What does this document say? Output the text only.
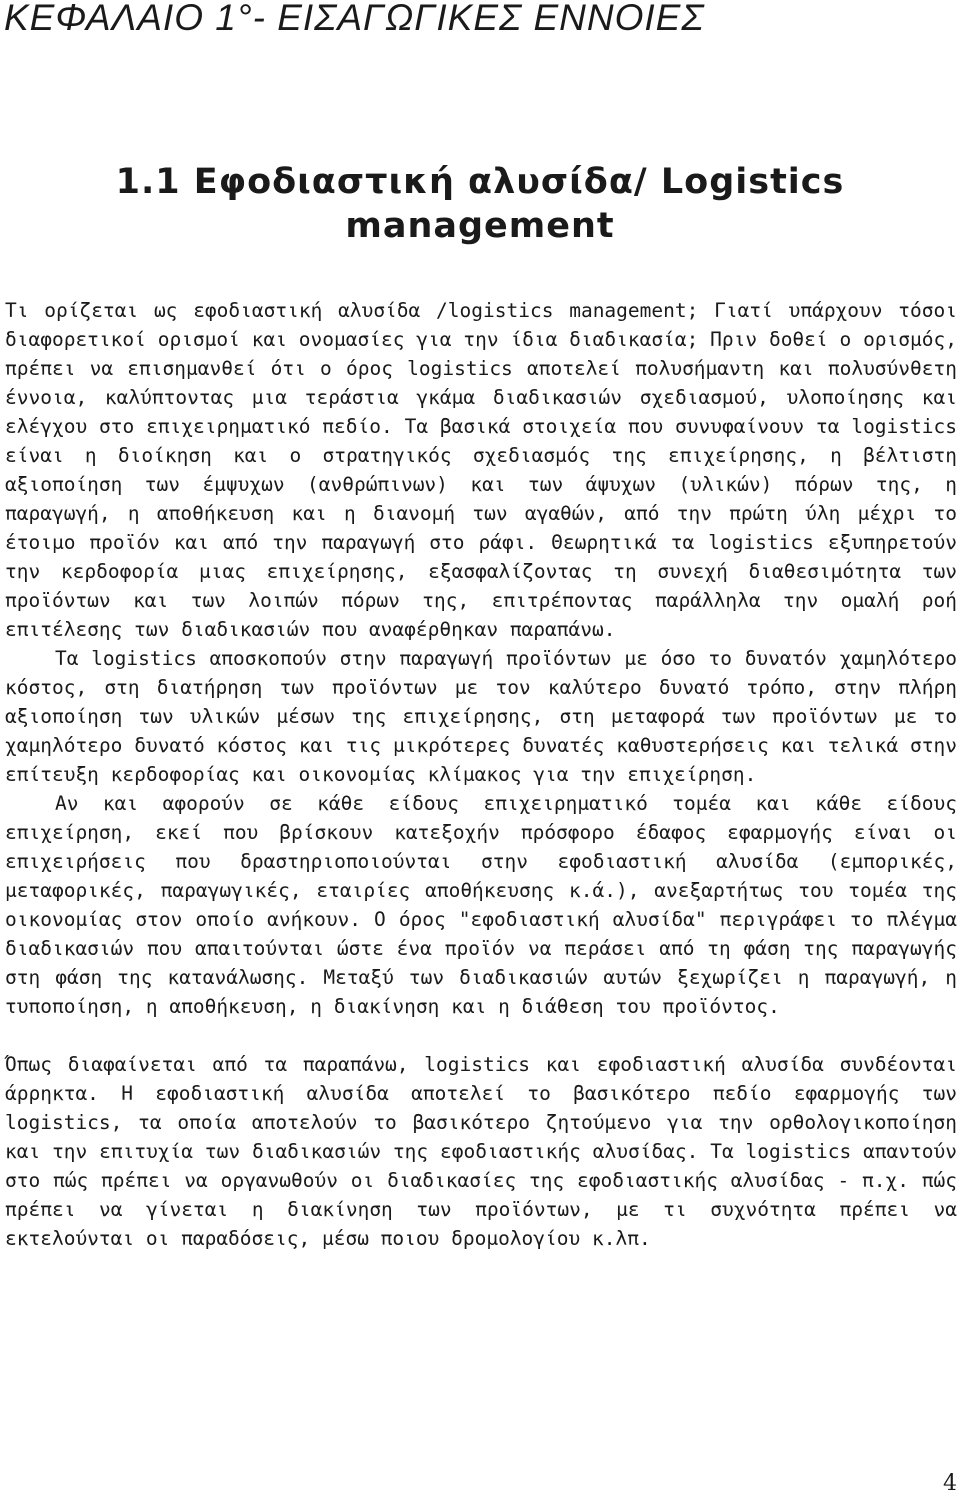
ΚΕΦΑΛΑΙΟ 1°- ΕΙΣΑΓΩΓΙΚΕΣ ΕΝΝΟΙΕΣ
1.1 Εφοδιαστική αλυσίδα/ Logistics management

Τι ορίζεται ως εφοδιαστική αλυσίδα /logistics management; Γιατί υπάρχουν τόσοι διαφορετικοί ορισμοί και ονομασίες για την ίδια διαδικασία; Πριν δοθεί ο ορισμός, πρέπει να επισημανθεί ότι ο όρος logistics αποτελεί πολυσήμαντη και πολυσύνθετη έννοια, καλύπτοντας μια τεράστια γκάμα διαδικασιών σχεδιασμού, υλοποίησης και ελέγχου στο επιχειρηματικό πεδίο. Τα βασικά στοιχεία που συνυφαίνουν τα logistics είναι η διοίκηση και ο στρατηγικός σχεδιασμός της επιχείρησης, η βέλτιστη αξιοποίηση των έμψυχων (ανθρώπινων) και των άψυχων (υλικών) πόρων της, η παραγωγή, η αποθήκευση και η διανομή των αγαθών, από την πρώτη ύλη μέχρι το έτοιμο προϊόν και από την παραγωγή στο ράφι. Θεωρητικά τα logistics εξυπηρετούν την κερδοφορία μιας επιχείρησης, εξασφαλίζοντας τη συνεχή διαθεσιμότητα των προϊόντων και των λοιπών πόρων της, επιτρέποντας παράλληλα την ομαλή ροή επιτέλεσης των διαδικασιών που αναφέρθηκαν παραπάνω.

Τα logistics αποσκοπούν στην παραγωγή προϊόντων με όσο το δυνατόν χαμηλότερο κόστος, στη διατήρηση των προϊόντων με τον καλύτερο δυνατό τρόπο, στην πλήρη αξιοποίηση των υλικών μέσων της επιχείρησης, στη μεταφορά των προϊόντων με το χαμηλότερο δυνατό κόστος και τις μικρότερες δυνατές καθυστερήσεις και τελικά στην επίτευξη κερδοφορίας και οικονομίας κλίμακος για την επιχείρηση.

Αν και αφορούν σε κάθε είδους επιχειρηματικό τομέα και κάθε είδους επιχείρηση, εκεί που βρίσκουν κατεξοχήν πρόσφορο έδαφος εφαρμογής είναι οι επιχειρήσεις που δραστηριοποιούνται στην εφοδιαστική αλυσίδα (εμπορικές, μεταφορικές, παραγωγικές, εταιρίες αποθήκευσης κ.ά.), ανεξαρτήτως του τομέα της οικονομίας στον οποίο ανήκουν. Ο όρος "εφοδιαστική αλυσίδα" περιγράφει το πλέγμα διαδικασιών που απαιτούνται ώστε ένα προϊόν να περάσει από τη φάση της παραγωγής στη φάση της κατανάλωσης. Μεταξύ των διαδικασιών αυτών ξεχωρίζει η παραγωγή, η τυποποίηση, η αποθήκευση, η διακίνηση και η διάθεση του προϊόντος.

Όπως διαφαίνεται από τα παραπάνω, logistics και εφοδιαστική αλυσίδα συνδέονται άρρηκτα. Η εφοδιαστική αλυσίδα αποτελεί το βασικότερο πεδίο εφαρμογής των logistics, τα οποία αποτελούν το βασικότερο ζητούμενο για την ορθολογικοποίηση και την επιτυχία των διαδικασιών της εφοδιαστικής αλυσίδας. Τα logistics απαντούν στο πώς πρέπει να οργανωθούν οι διαδικασίες της εφοδιαστικής αλυσίδας - π.χ. πώς πρέπει να γίνεται η διακίνηση των προϊόντων, με τι συχνότητα πρέπει να εκτελούνται οι παραδόσεις, μέσω ποιου δρομολογίου κ.λπ.

4
